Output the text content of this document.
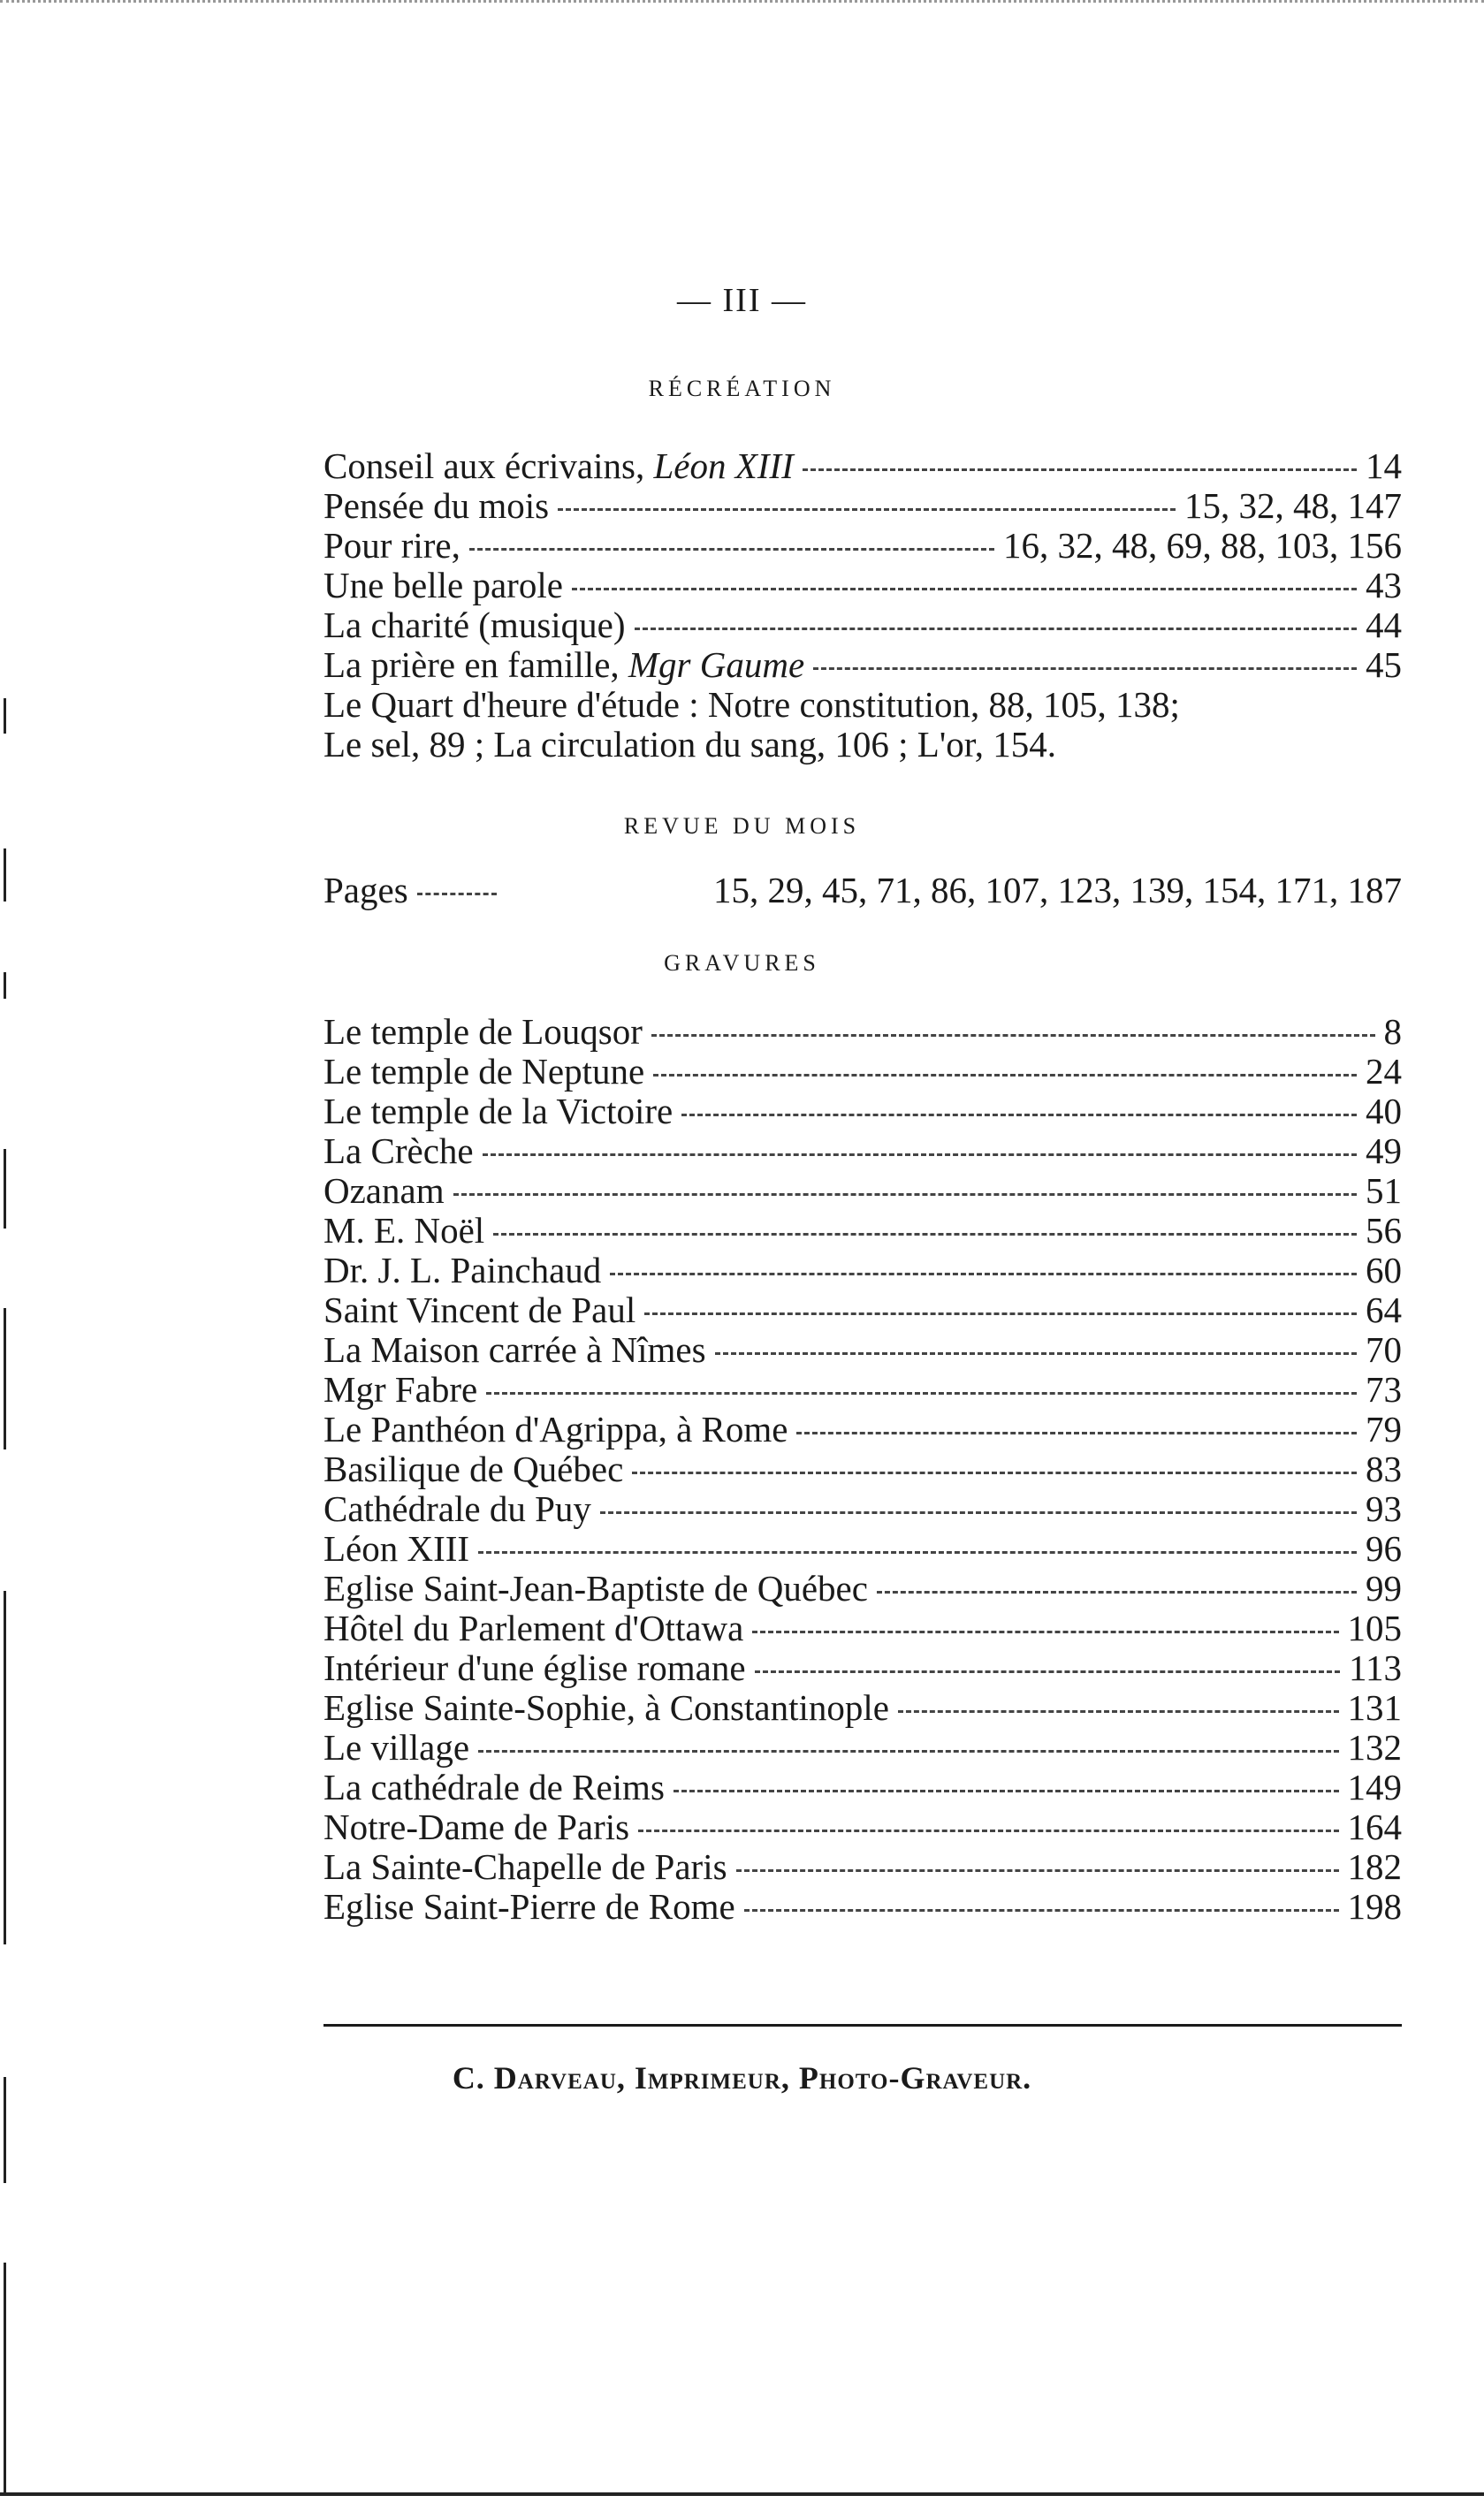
— III —
RÉCRÉATION
Conseil aux écrivains, Léon XIII	14
Pensée du mois	15, 32, 48, 147
Pour rire,	16, 32, 48, 69, 88, 103, 156
Une belle parole	43
La charité (musique)	44
La prière en famille, Mgr Gaume	45
Le Quart d'heure d'étude : Notre constitution, 88, 105, 138;
Le sel, 89 ; La circulation du sang, 106 ; L'or, 154.
REVUE DU MOIS
Pages	15, 29, 45, 71, 86, 107, 123, 139, 154, 171, 187
GRAVURES
Le temple de Louqsor	8
Le temple de Neptune	24
Le temple de la Victoire	40
La Crèche	49
Ozanam	51
M. E. Noël	56
Dr. J. L. Painchaud	60
Saint Vincent de Paul	64
La Maison carrée à Nîmes	70
Mgr Fabre	73
Le Panthéon d'Agrippa, à Rome	79
Basilique de Québec	83
Cathédrale du Puy	93
Léon XIII	96
Eglise Saint-Jean-Baptiste de Québec	99
Hôtel du Parlement d'Ottawa	105
Intérieur d'une église romane	113
Eglise Sainte-Sophie, à Constantinople	131
Le village	132
La cathédrale de Reims	149
Notre-Dame de Paris	164
La Sainte-Chapelle de Paris	182
Eglise Saint-Pierre de Rome	198
C. Darveau, Imprimeur, Photo-Graveur.
